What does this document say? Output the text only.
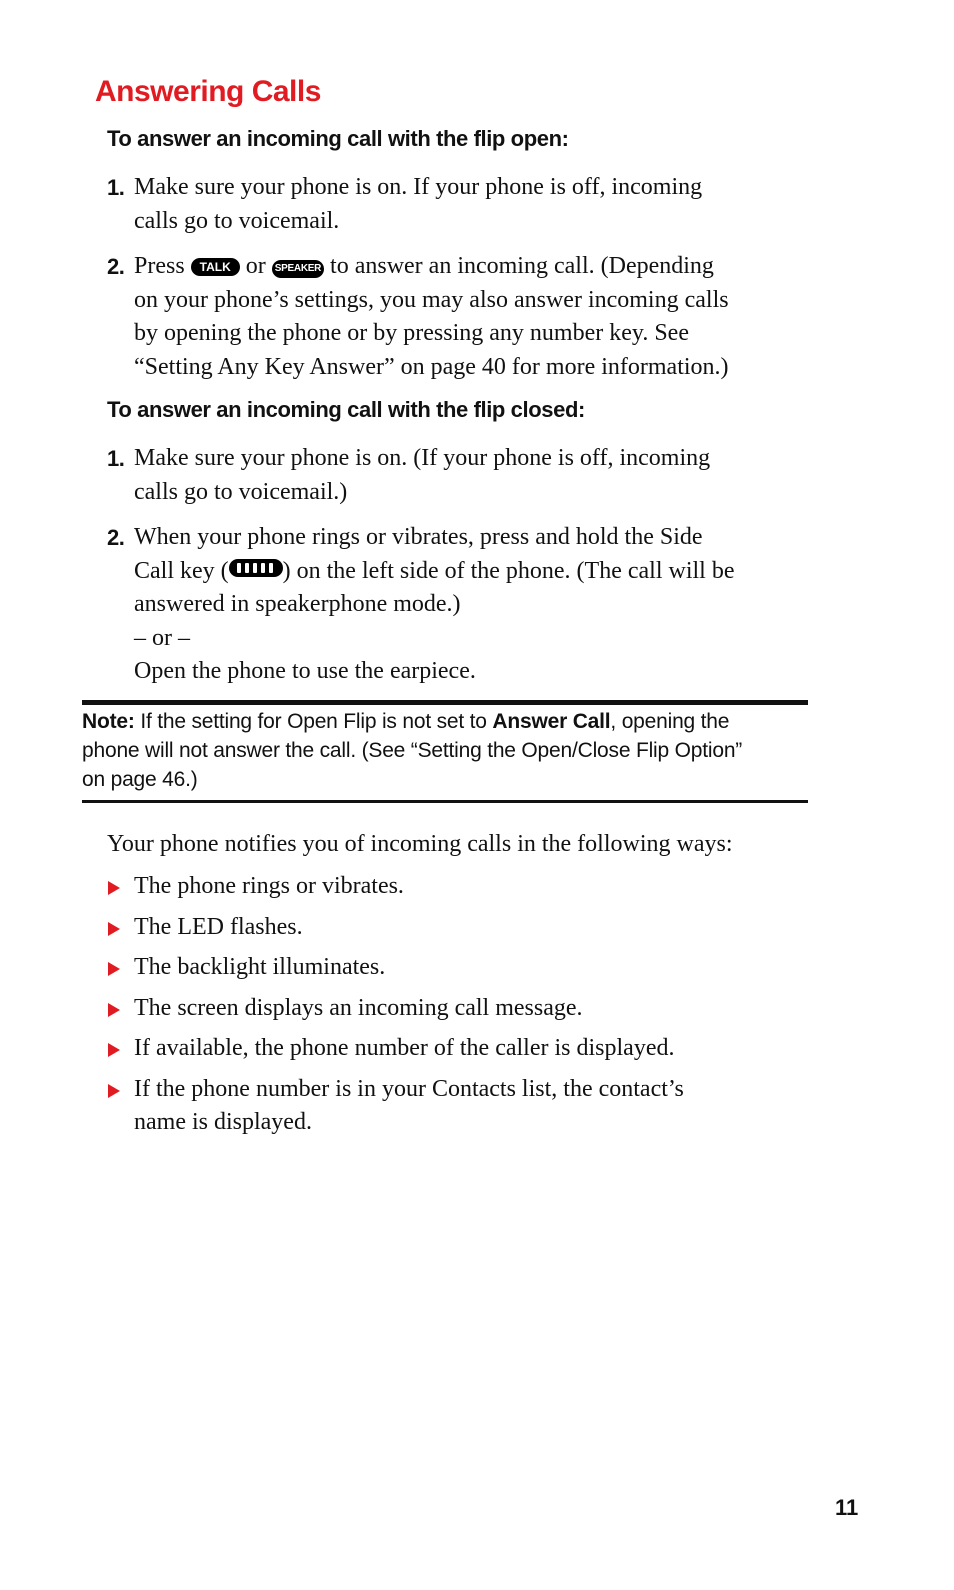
Answering Calls
To answer an incoming call with the flip open:
1. Make sure your phone is on. If your phone is off, incoming
calls go to voicemail.
2. Press TALK or SPEAKER to answer an incoming call. (Depending
on your phone’s settings, you may also answer incoming calls
by opening the phone or by pressing any number key. See
“Setting Any Key Answer” on page 40 for more information.)
To answer an incoming call with the flip closed:
1. Make sure your phone is on. (If your phone is off, incoming
calls go to voicemail.)
2. When your phone rings or vibrates, press and hold the Side
Call key ( ) on the left side of the phone. (The call will be
answered in speakerphone mode.)
– or –
Open the phone to use the earpiece.
Note: If the setting for Open Flip is not set to Answer Call, opening the
phone will not answer the call. (See “Setting the Open/Close Flip Option”
on page 46.)
Your phone notifies you of incoming calls in the following ways:
The phone rings or vibrates.
The LED flashes.
The backlight illuminates.
The screen displays an incoming call message.
If available, the phone number of the caller is displayed.
If the phone number is in your Contacts list, the contact’s
name is displayed.
11
